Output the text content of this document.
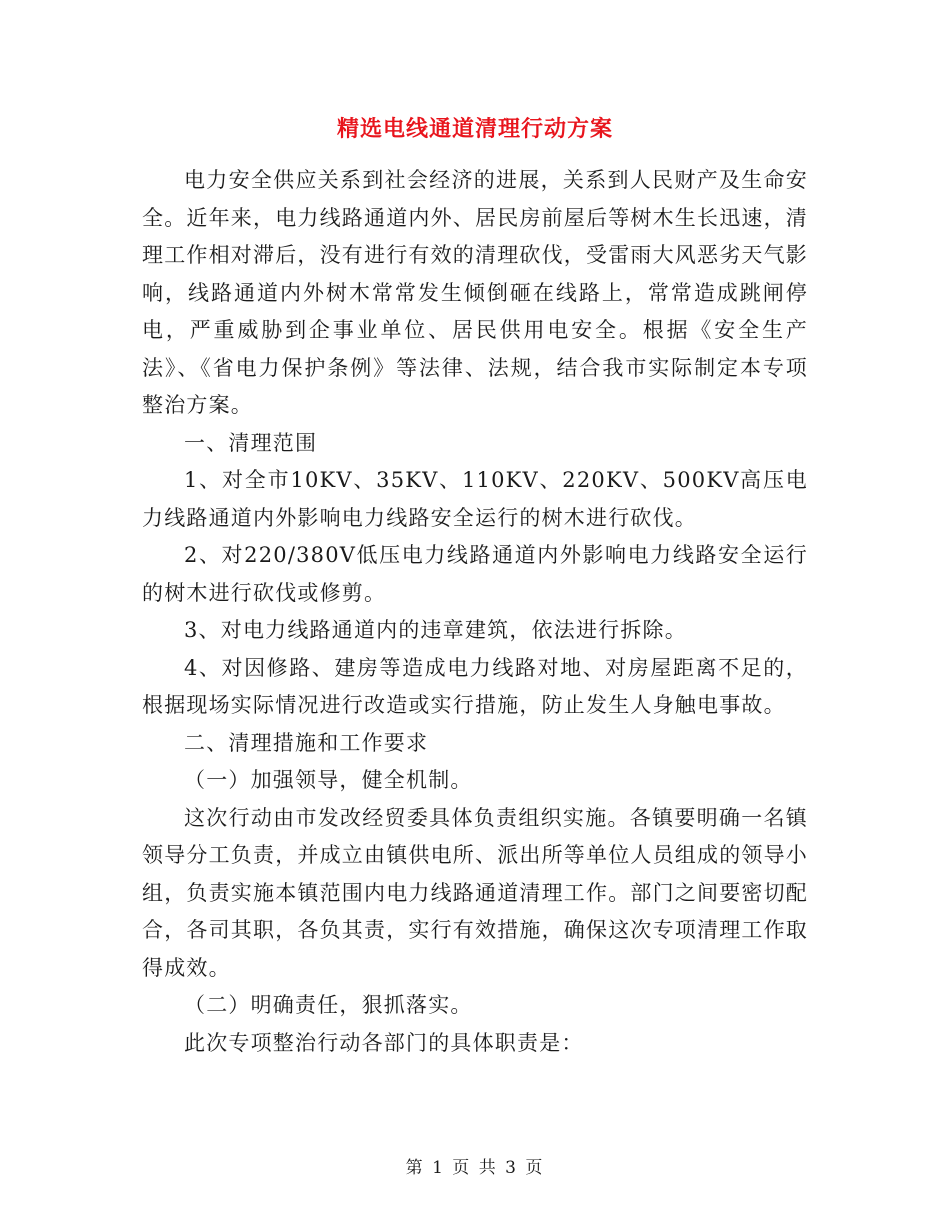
精选电线通道清理行动方案

电力安全供应关系到社会经济的进展，关系到人民财产及生命安全。近年来，电力线路通道内外、居民房前屋后等树木生长迅速，清理工作相对滞后，没有进行有效的清理砍伐，受雷雨大风恶劣天气影响，线路通道内外树木常常发生倾倒砸在线路上，常常造成跳闸停电，严重威胁到企事业单位、居民供用电安全。根据《安全生产法》、《省电力保护条例》等法律、法规，结合我市实际制定本专项整治方案。

一、清理范围

1、对全市10KV、35KV、110KV、220KV、500KV高压电力线路通道内外影响电力线路安全运行的树木进行砍伐。

2、对220/380V低压电力线路通道内外影响电力线路安全运行的树木进行砍伐或修剪。

3、对电力线路通道内的违章建筑，依法进行拆除。

4、对因修路、建房等造成电力线路对地、对房屋距离不足的，根据现场实际情况进行改造或实行措施，防止发生人身触电事故。

二、清理措施和工作要求

（一）加强领导，健全机制。

这次行动由市发改经贸委具体负责组织实施。各镇要明确一名镇领导分工负责，并成立由镇供电所、派出所等单位人员组成的领导小组，负责实施本镇范围内电力线路通道清理工作。部门之间要密切配合，各司其职，各负其责，实行有效措施，确保这次专项清理工作取得成效。

（二）明确责任，狠抓落实。

此次专项整治行动各部门的具体职责是：

第 1 页 共 3 页
